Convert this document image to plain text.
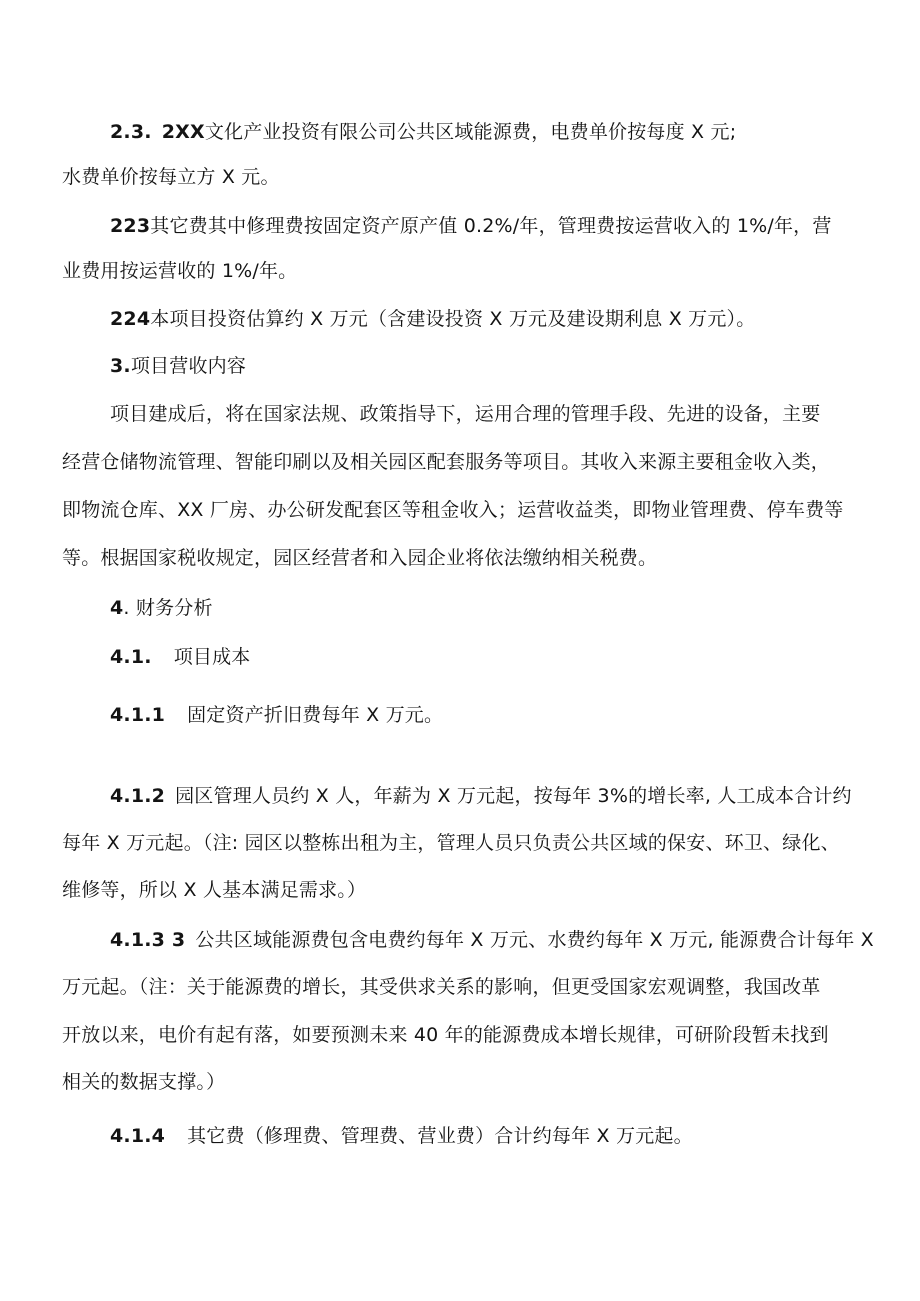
2.3. 2XX文化产业投资有限公司公共区域能源费，电费单价按每度 X 元;
水费单价按每立方 X 元。
223其它费其中修理费按固定资产原产值 0.2%/年，管理费按运营收入的 1%/年，营
业费用按运营收的 1%/年。
224本项目投资估算约 X 万元（含建设投资 X 万元及建设期利息 X 万元）。
3.项目营收内容
项目建成后，将在国家法规、政策指导下，运用合理的管理手段、先进的设备，主要
经营仓储物流管理、智能印刷以及相关园区配套服务等项目。其收入来源主要租金收入类，
即物流仓库、XX 厂房、办公研发配套区等租金收入；运营收益类，即物业管理费、停车费等
等。根据国家税收规定，园区经营者和入园企业将依法缴纳相关税费。
4. 财务分析
4.1. 项目成本
4.1.1 固定资产折旧费每年 X 万元。
4.1.2 园区管理人员约 X 人，年薪为 X 万元起，按每年 3%的增长率, 人工成本合计约
每年 X 万元起。（注: 园区以整栋出租为主，管理人员只负责公共区域的保安、环卫、绿化、
维修等，所以 X 人基本满足需求。）
4.1.3 3 公共区域能源费包含电费约每年 X 万元、水费约每年 X 万元, 能源费合计每年 X
万元起。（注：关于能源费的增长，其受供求关系的影响，但更受国家宏观调整，我国改革
开放以来，电价有起有落，如要预测未来 40 年的能源费成本增长规律，可研阶段暂未找到
相关的数据支撑。）
4.1.4 其它费（修理费、管理费、营业费）合计约每年 X 万元起。
